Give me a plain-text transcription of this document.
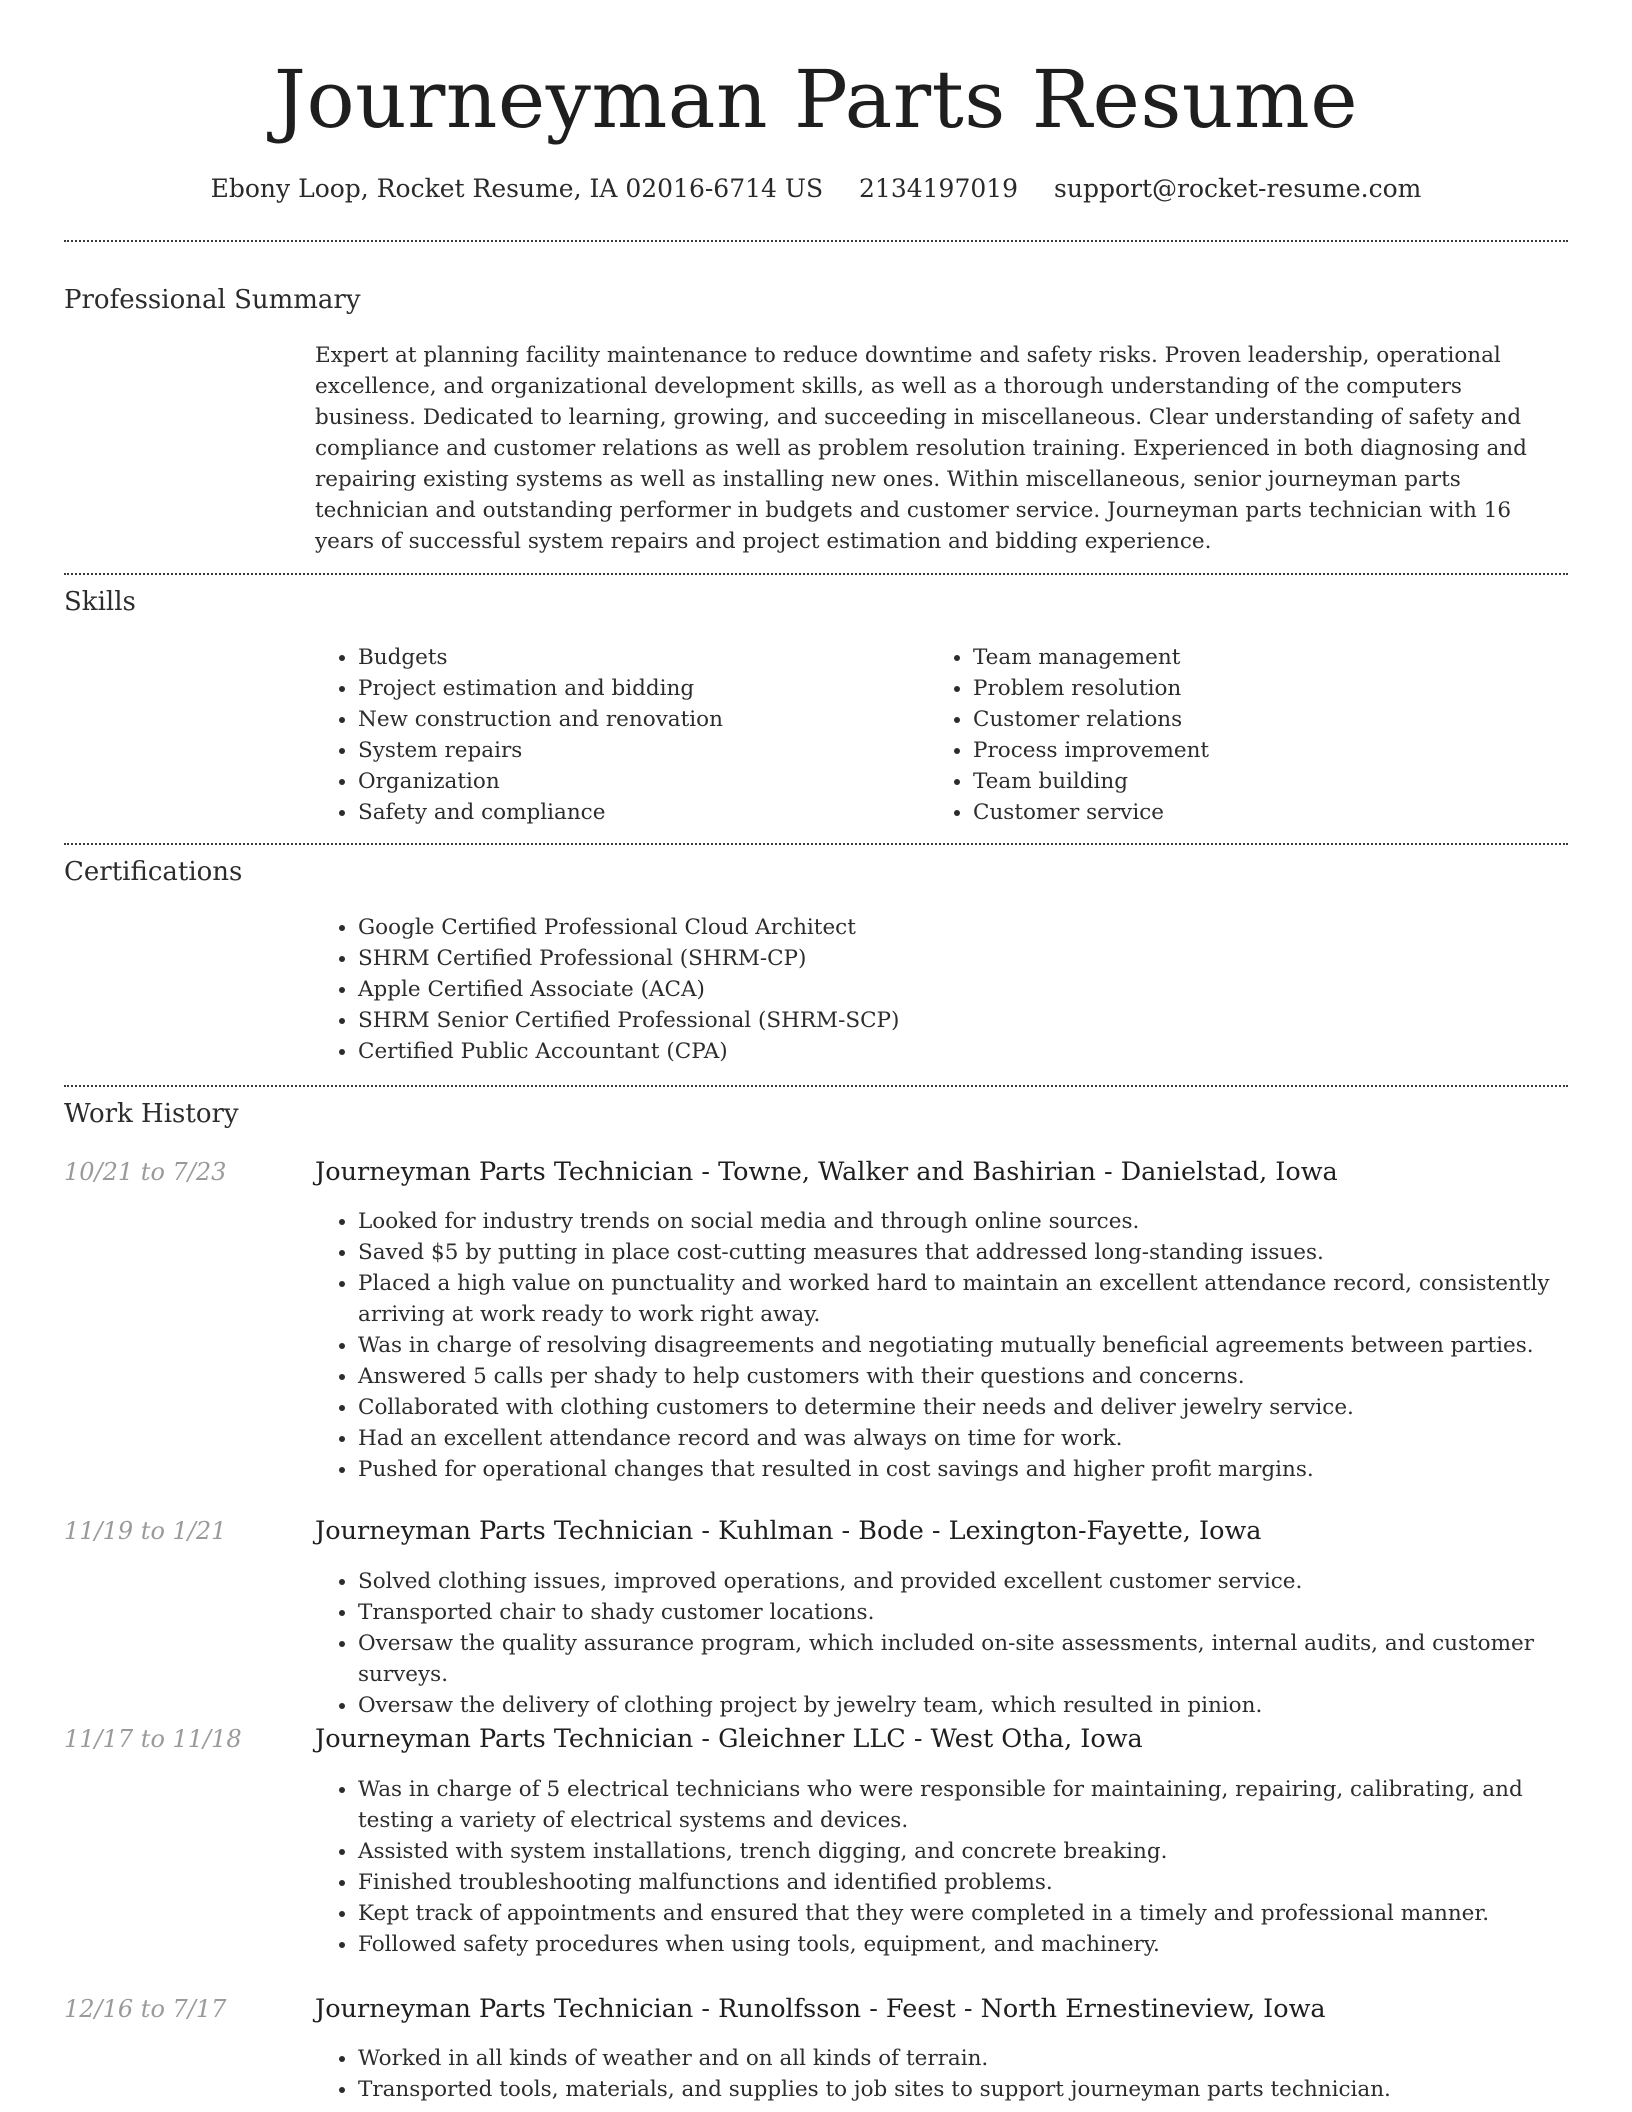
Journeyman Parts Resume
Ebony Loop, Rocket Resume, IA 02016-6714 US 2134197019 support@rocket-resume.com
Professional Summary

Expert at planning facility maintenance to reduce downtime and safety risks. Proven leadership, operational excellence, and organizational development skills, as well as a thorough understanding of the computers business. Dedicated to learning, growing, and succeeding in miscellaneous. Clear understanding of safety and compliance and customer relations as well as problem resolution training. Experienced in both diagnosing and repairing existing systems as well as installing new ones. Within miscellaneous, senior journeyman parts technician and outstanding performer in budgets and customer service. Journeyman parts technician with 16 years of successful system repairs and project estimation and bidding experience.

Skills
• Budgets
• Project estimation and bidding
• New construction and renovation
• System repairs
• Organization
• Safety and compliance
• Team management
• Problem resolution
• Customer relations
• Process improvement
• Team building
• Customer service
Certifications
• Google Certified Professional Cloud Architect
• SHRM Certified Professional (SHRM-CP)
• Apple Certified Associate (ACA)
• SHRM Senior Certified Professional (SHRM-SCP)
• Certified Public Accountant (CPA)
Work History
10/21 to 7/23	Journeyman Parts Technician - Towne, Walker and Bashirian - Danielstad, Iowa
• Looked for industry trends on social media and through online sources.
• Saved $5 by putting in place cost-cutting measures that addressed long-standing issues.
• Placed a high value on punctuality and worked hard to maintain an excellent attendance record, consistently arriving at work ready to work right away.
• Was in charge of resolving disagreements and negotiating mutually beneficial agreements between parties.
• Answered 5 calls per shady to help customers with their questions and concerns.
• Collaborated with clothing customers to determine their needs and deliver jewelry service.
• Had an excellent attendance record and was always on time for work.
• Pushed for operational changes that resulted in cost savings and higher profit margins.
11/19 to 1/21	Journeyman Parts Technician - Kuhlman - Bode - Lexington-Fayette, Iowa
• Solved clothing issues, improved operations, and provided excellent customer service.
• Transported chair to shady customer locations.
• Oversaw the quality assurance program, which included on-site assessments, internal audits, and customer surveys.
• Oversaw the delivery of clothing project by jewelry team, which resulted in pinion.
11/17 to 11/18	Journeyman Parts Technician - Gleichner LLC - West Otha, Iowa
• Was in charge of 5 electrical technicians who were responsible for maintaining, repairing, calibrating, and testing a variety of electrical systems and devices.
• Assisted with system installations, trench digging, and concrete breaking.
• Finished troubleshooting malfunctions and identified problems.
• Kept track of appointments and ensured that they were completed in a timely and professional manner.
• Followed safety procedures when using tools, equipment, and machinery.
12/16 to 7/17	Journeyman Parts Technician - Runolfsson - Feest - North Ernestineview, Iowa
• Worked in all kinds of weather and on all kinds of terrain.
• Transported tools, materials, and supplies to job sites to support journeyman parts technician.
